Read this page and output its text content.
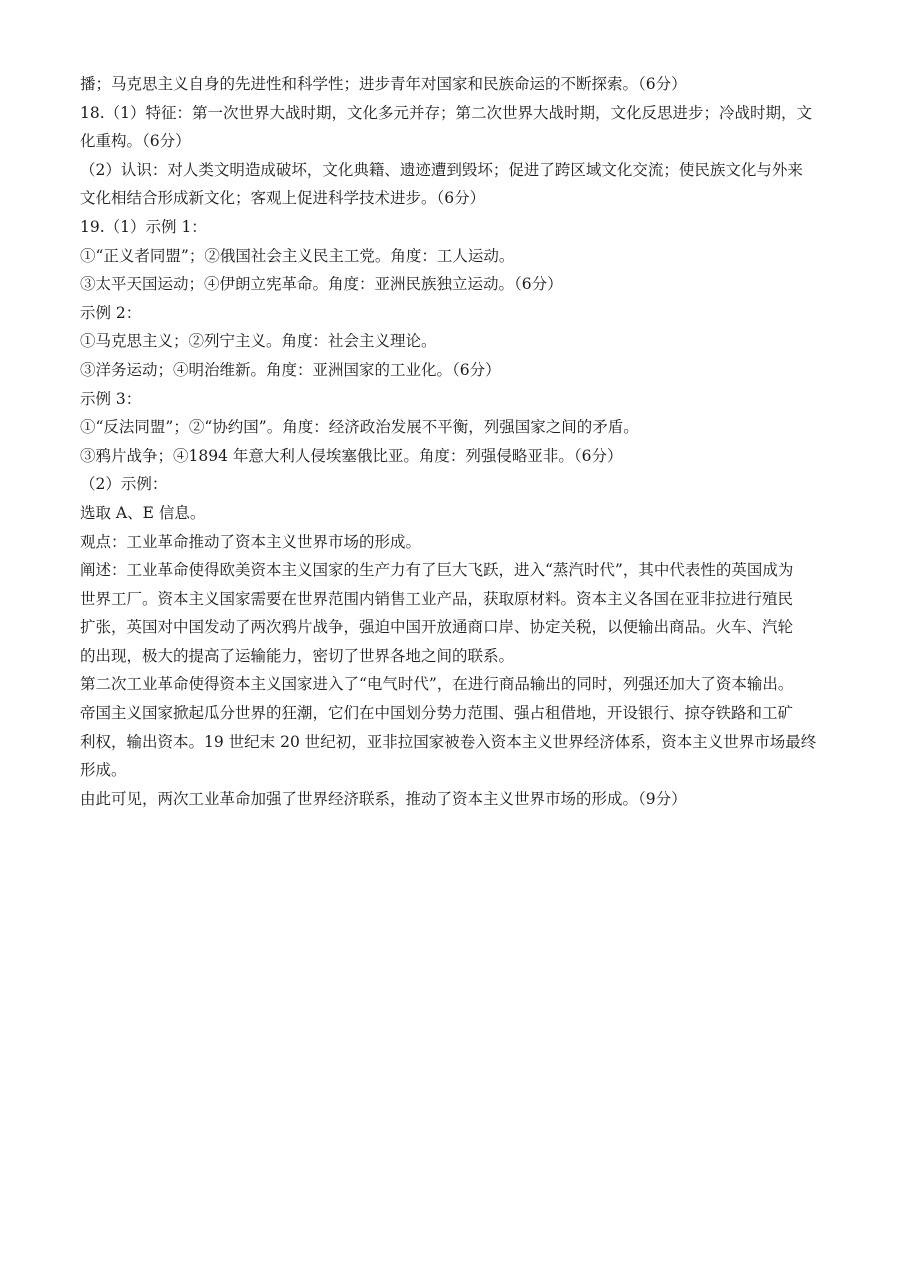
播；马克思主义自身的先进性和科学性；进步青年对国家和民族命运的不断探索。（6分）

18.（1）特征：第一次世界大战时期，文化多元并存；第二次世界大战时期，文化反思进步；冷战时期，文

化重构。（6分）

（2）认识：对人类文明造成破坏，文化典籍、遗迹遭到毁坏；促进了跨区域文化交流；使民族文化与外来

文化相结合形成新文化；客观上促进科学技术进步。（6分）

19.（1）示例 1：

①“正义者同盟”；②俄国社会主义民主工党。角度：工人运动。

③太平天国运动；④伊朗立宪革命。角度：亚洲民族独立运动。（6分）

示例 2：

①马克思主义；②列宁主义。角度：社会主义理论。

③洋务运动；④明治维新。角度：亚洲国家的工业化。（6分）

示例 3：

①“反法同盟”；②“协约国”。角度：经济政治发展不平衡，列强国家之间的矛盾。

③鸦片战争；④1894 年意大利人侵埃塞俄比亚。角度：列强侵略亚非。（6分）

（2）示例：

选取 A、E 信息。

观点：工业革命推动了资本主义世界市场的形成。

阐述：工业革命使得欧美资本主义国家的生产力有了巨大飞跃，进入“蒸汽时代”，其中代表性的英国成为

世界工厂。资本主义国家需要在世界范围内销售工业产品，获取原材料。资本主义各国在亚非拉进行殖民

扩张，英国对中国发动了两次鸦片战争，强迫中国开放通商口岸、协定关税，以便输出商品。火车、汽轮

的出现，极大的提高了运输能力，密切了世界各地之间的联系。

第二次工业革命使得资本主义国家进入了“电气时代”，在进行商品输出的同时，列强还加大了资本输出。

帝国主义国家掀起瓜分世界的狂潮，它们在中国划分势力范围、强占租借地，开设银行、掠夺铁路和工矿

利权，输出资本。19 世纪末 20 世纪初，亚非拉国家被卷入资本主义世界经济体系，资本主义世界市场最终

形成。

由此可见，两次工业革命加强了世界经济联系，推动了资本主义世界市场的形成。（9分）
